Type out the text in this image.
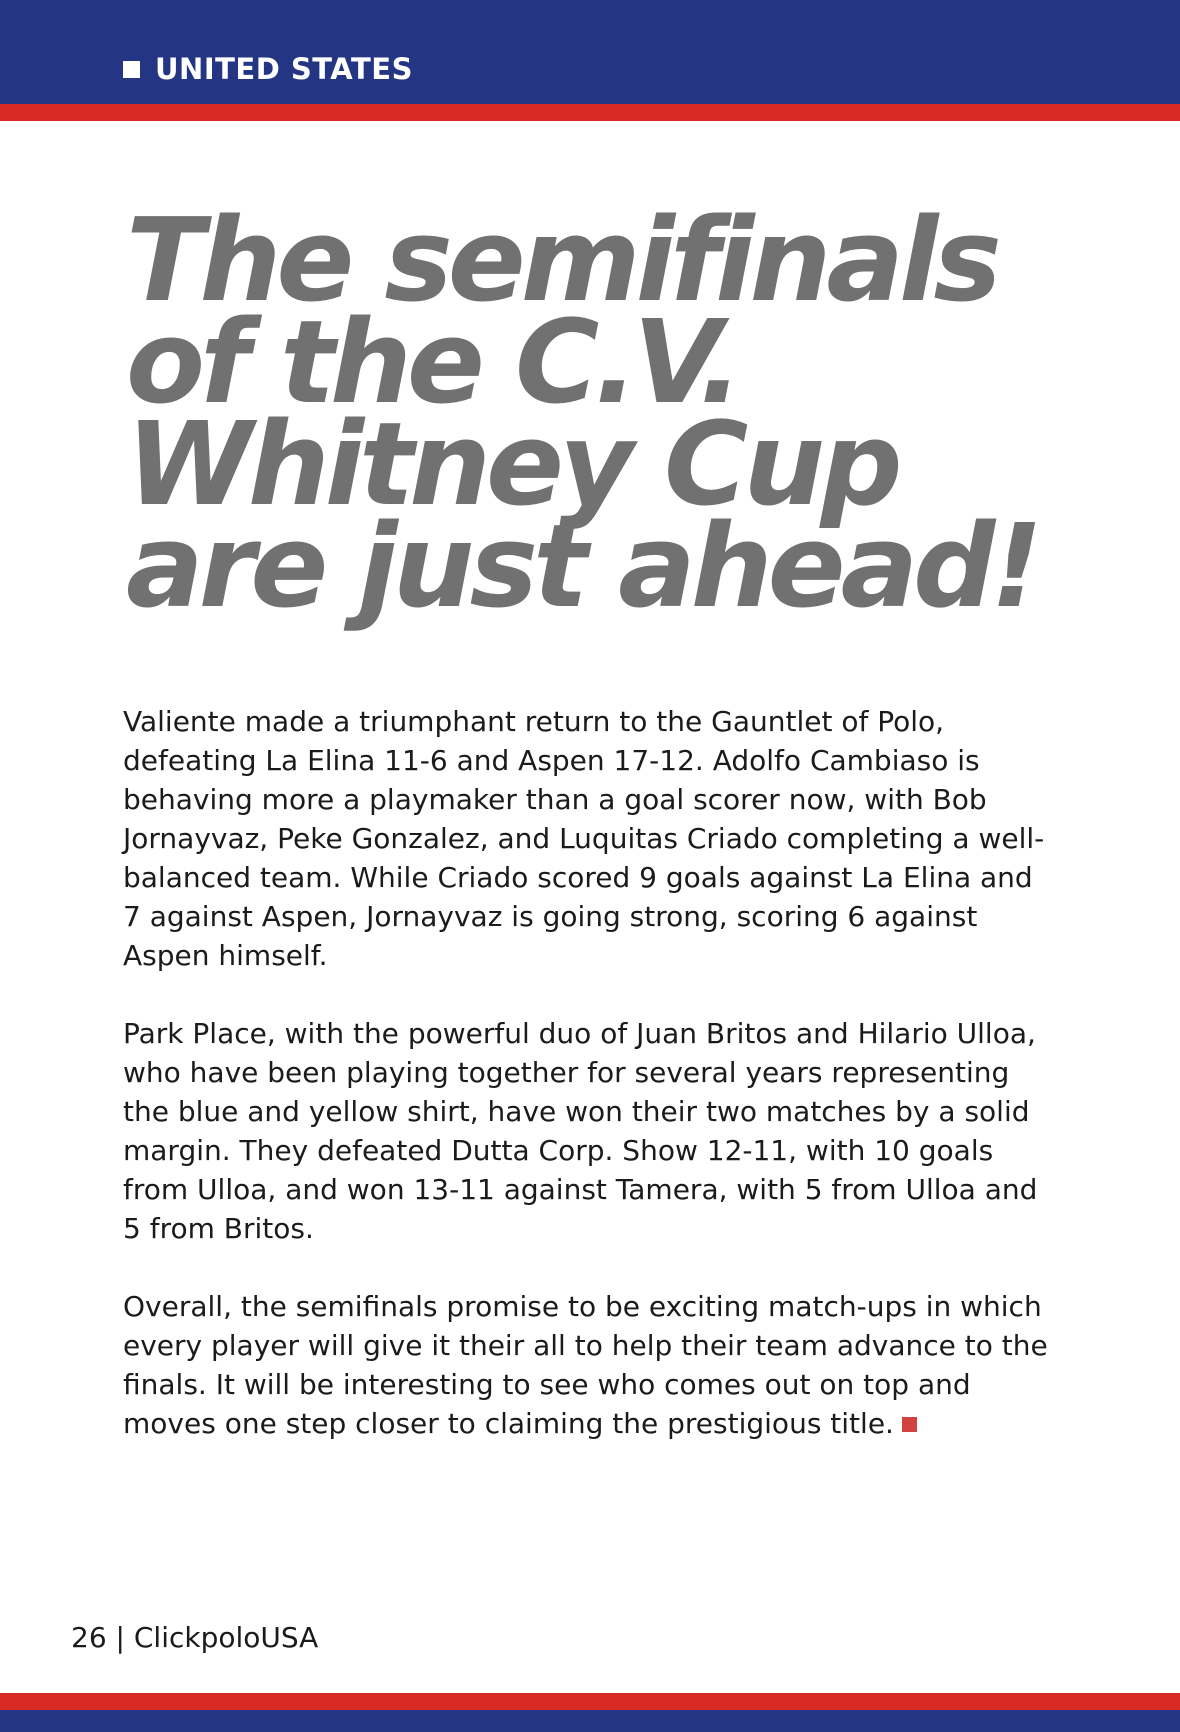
UNITED STATES
The semifinals
of the C.V.
Whitney Cup
are just ahead!

Valiente made a triumphant return to the Gauntlet of Polo, defeating La Elina 11-6 and Aspen 17-12. Adolfo Cambiaso is behaving more a playmaker than a goal scorer now, with Bob Jornayvaz, Peke Gonzalez, and Luquitas Criado completing a well-balanced team. While Criado scored 9 goals against La Elina and 7 against Aspen, Jornayvaz is going strong, scoring 6 against Aspen himself.

Park Place, with the powerful duo of Juan Britos and Hilario Ulloa, who have been playing together for several years representing the blue and yellow shirt, have won their two matches by a solid margin. They defeated Dutta Corp. Show 12-11, with 10 goals from Ulloa, and won 13-11 against Tamera, with 5 from Ulloa and 5 from Britos.

Overall, the semifinals promise to be exciting match-ups in which every player will give it their all to help their team advance to the finals. It will be interesting to see who comes out on top and moves one step closer to claiming the prestigious title.

26 | ClickpoloUSA
